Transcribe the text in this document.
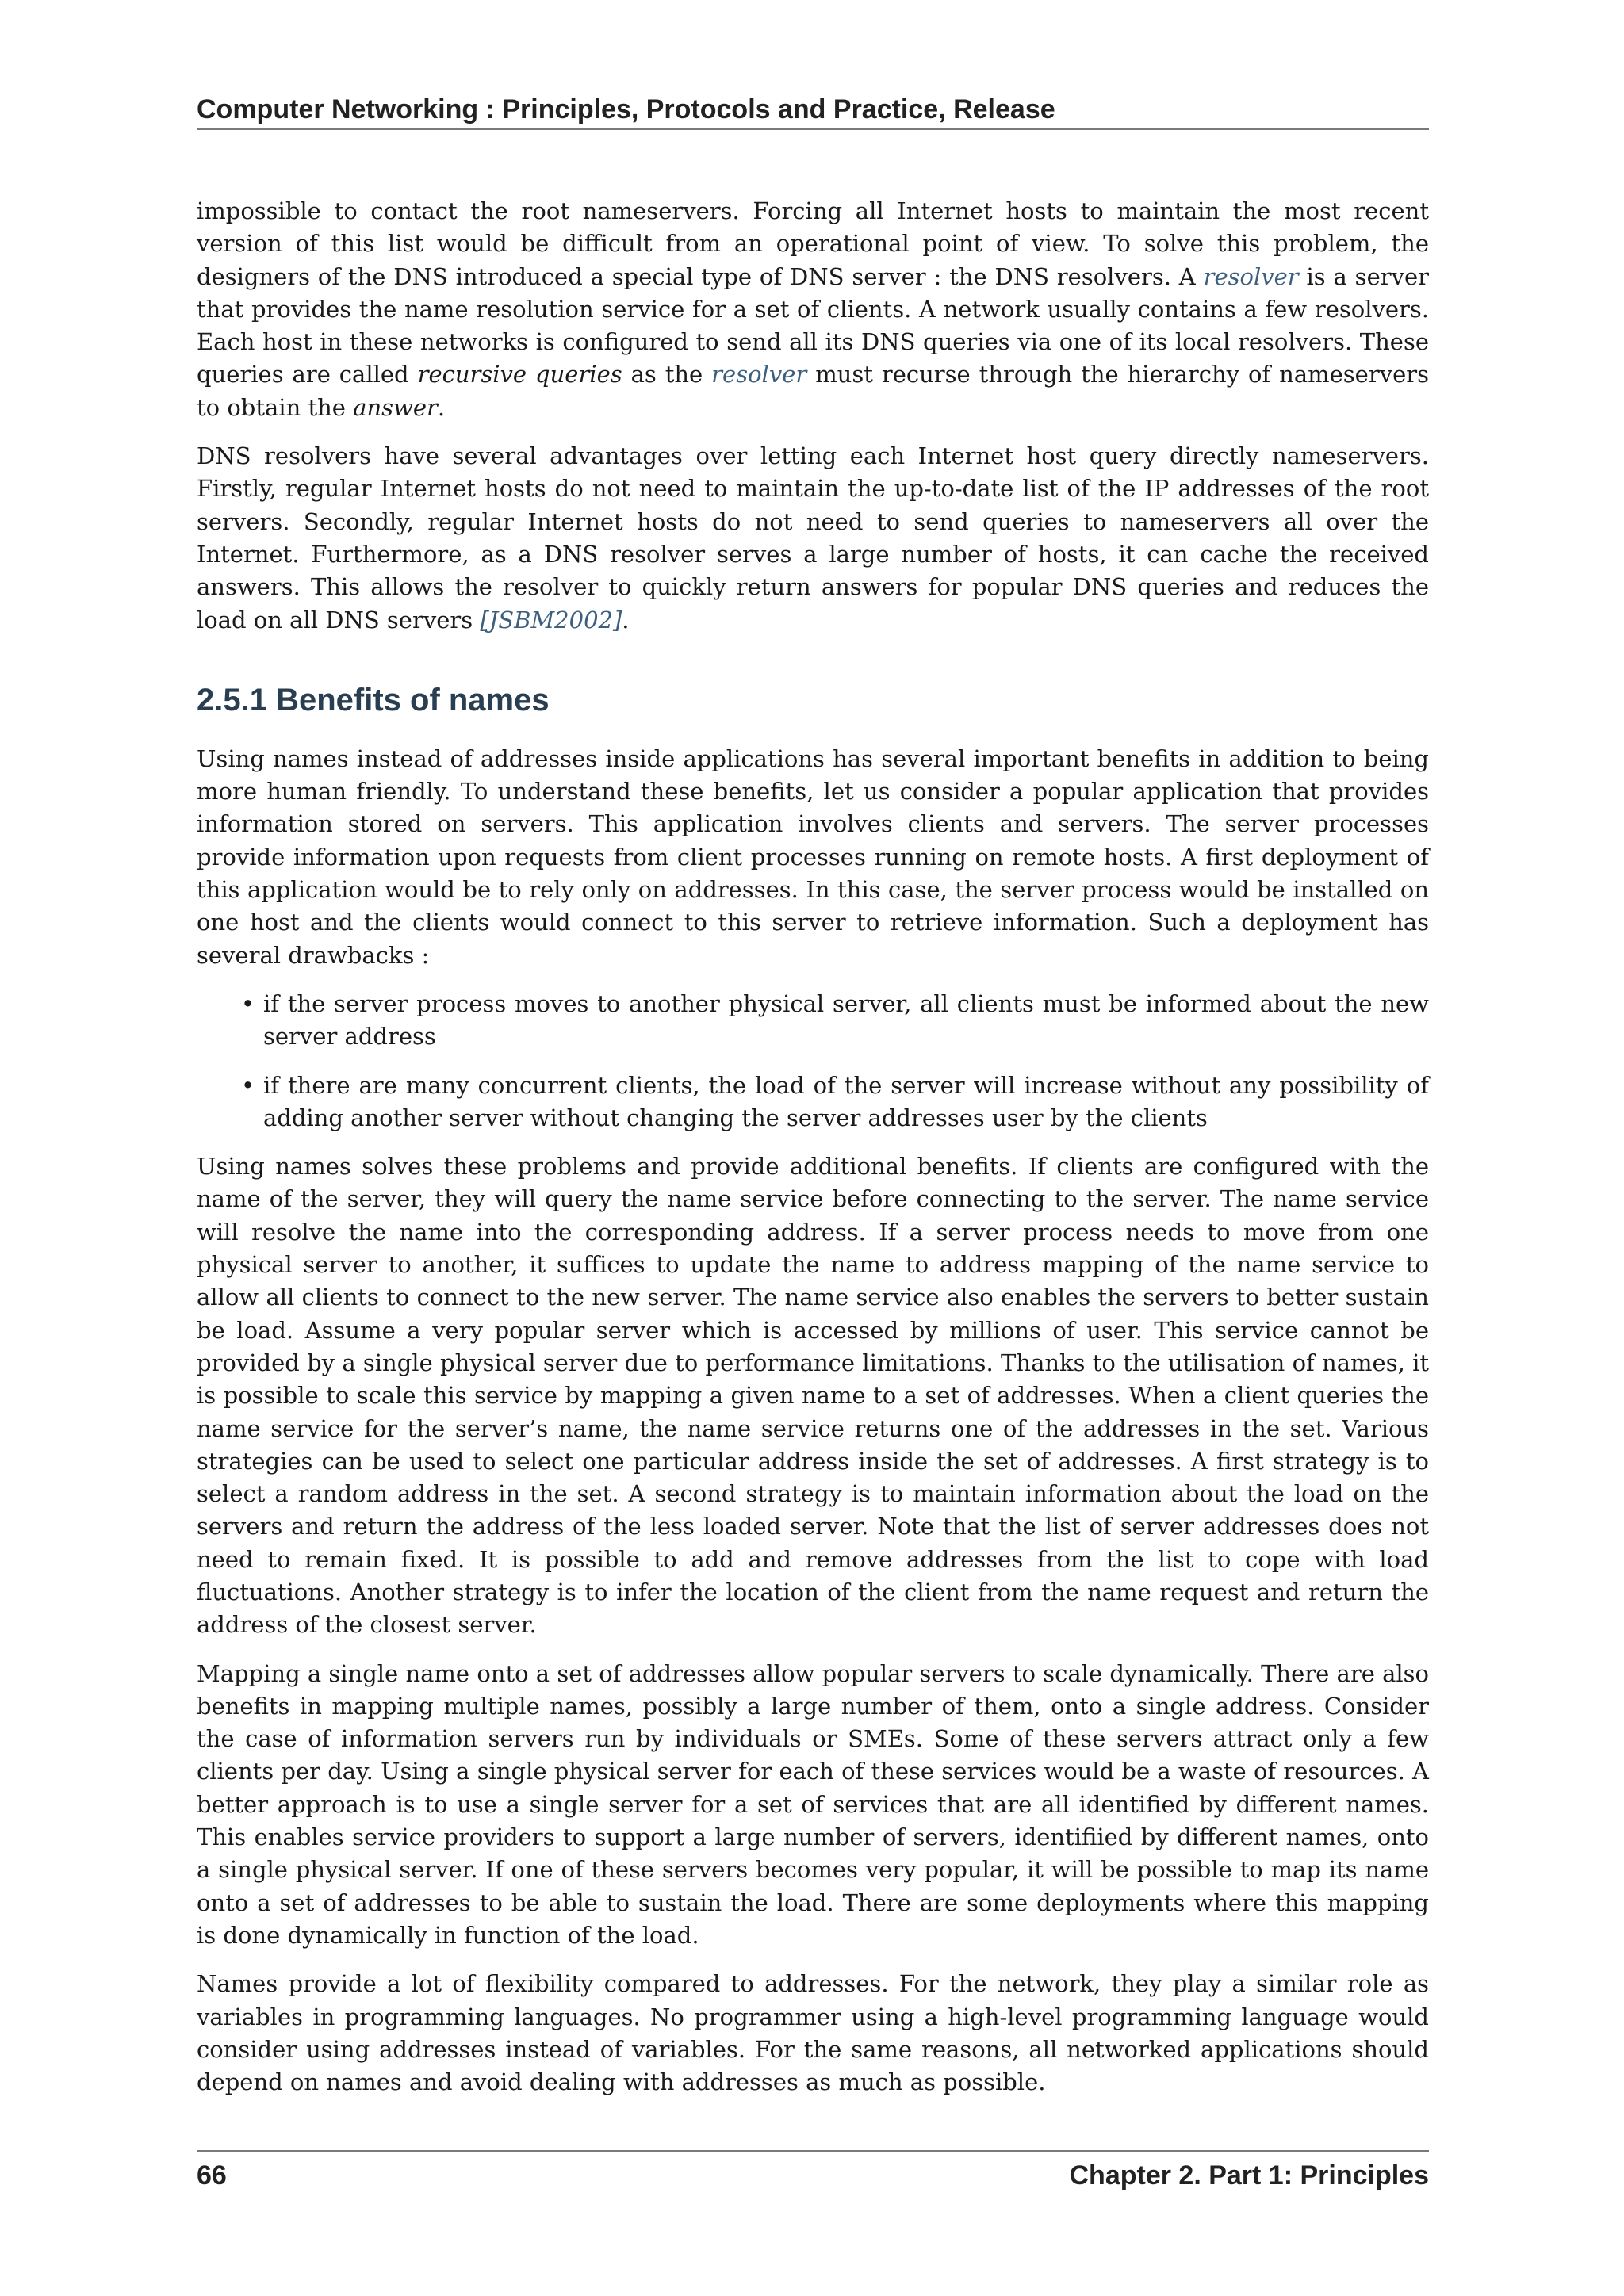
Computer Networking : Principles, Protocols and Practice, Release

impossible to contact the root nameservers. Forcing all Internet hosts to maintain the most recent version of this list would be difficult from an operational point of view. To solve this problem, the designers of the DNS introduced a special type of DNS server : the DNS resolvers. A resolver is a server that provides the name resolution service for a set of clients. A network usually contains a few resolvers. Each host in these networks is configured to send all its DNS queries via one of its local resolvers. These queries are called recursive queries as the resolver must recurse through the hierarchy of nameservers to obtain the answer.

DNS resolvers have several advantages over letting each Internet host query directly nameservers. Firstly, regular Internet hosts do not need to maintain the up-to-date list of the IP addresses of the root servers. Secondly, regular Internet hosts do not need to send queries to nameservers all over the Internet. Furthermore, as a DNS resolver serves a large number of hosts, it can cache the received answers. This allows the resolver to quickly return answers for popular DNS queries and reduces the load on all DNS servers [JSBM2002].

2.5.1 Benefits of names

Using names instead of addresses inside applications has several important benefits in addition to being more human friendly. To understand these benefits, let us consider a popular application that provides information stored on servers. This application involves clients and servers. The server processes provide information upon requests from client processes running on remote hosts. A first deployment of this application would be to rely only on addresses. In this case, the server process would be installed on one host and the clients would connect to this server to retrieve information. Such a deployment has several drawbacks :

• if the server process moves to another physical server, all clients must be informed about the new server address
• if there are many concurrent clients, the load of the server will increase without any possibility of adding another server without changing the server addresses user by the clients

Using names solves these problems and provide additional benefits. If clients are configured with the name of the server, they will query the name service before connecting to the server. The name service will resolve the name into the corresponding address. If a server process needs to move from one physical server to another, it suffices to update the name to address mapping of the name service to allow all clients to connect to the new server. The name service also enables the servers to better sustain be load. Assume a very popular server which is accessed by millions of user. This service cannot be provided by a single physical server due to performance limitations. Thanks to the utilisation of names, it is possible to scale this service by mapping a given name to a set of addresses. When a client queries the name service for the server’s name, the name service returns one of the addresses in the set. Various strategies can be used to select one particular address inside the set of addresses. A first strategy is to select a random address in the set. A second strategy is to maintain information about the load on the servers and return the address of the less loaded server. Note that the list of server addresses does not need to remain fixed. It is possible to add and remove addresses from the list to cope with load fluctuations. Another strategy is to infer the location of the client from the name request and return the address of the closest server.

Mapping a single name onto a set of addresses allow popular servers to scale dynamically. There are also benefits in mapping multiple names, possibly a large number of them, onto a single address. Consider the case of information servers run by individuals or SMEs. Some of these servers attract only a few clients per day. Using a single physical server for each of these services would be a waste of resources. A better approach is to use a single server for a set of services that are all identified by different names. This enables service providers to support a large number of servers, identifiied by different names, onto a single physical server. If one of these servers becomes very popular, it will be possible to map its name onto a set of addresses to be able to sustain the load. There are some deployments where this mapping is done dynamically in function of the load.

Names provide a lot of flexibility compared to addresses. For the network, they play a similar role as variables in programming languages. No programmer using a high-level programming language would consider using addresses instead of variables. For the same reasons, all networked applications should depend on names and avoid dealing with addresses as much as possible.

66	Chapter 2. Part 1: Principles
